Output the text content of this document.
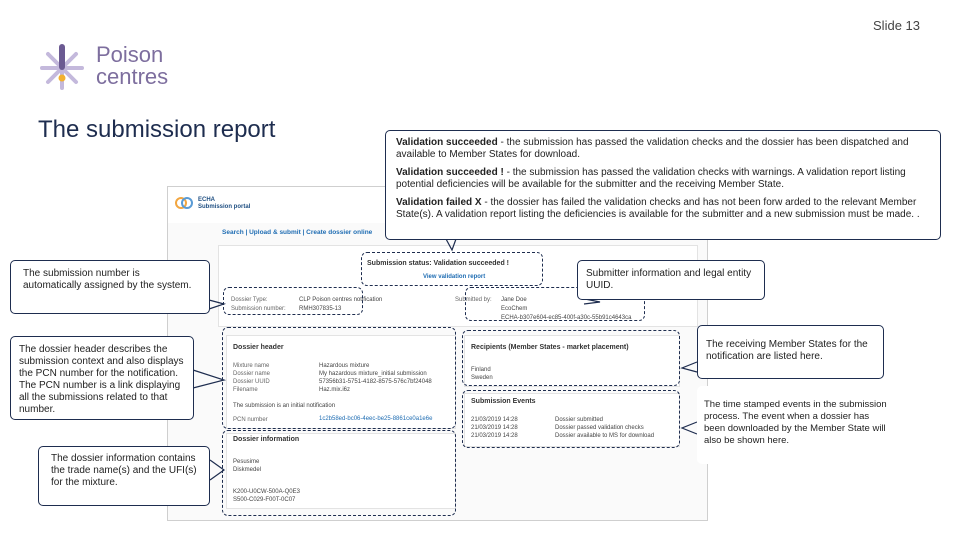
Slide 13
Poison
centres
The submission report
ECHA
Submission portal
Search | Upload & submit | Create dossier online
Submission status: Validation succeeded !
View validation report
Dossier Type:	CLP Poison centres notification
Submission number: RMH307835-13
Submitted by: Jane Doe
EcoChem
ECHA-b307e604-ec85-400f-a30c-55b91c4643ca
Dossier header
Mixture name	Hazardous mixture
Dossier name	My hazardous mixture_initial submission
Dossier UUID	57356b31-5751-4182-8575-576c7bf24048
Filename	Haz.mix.i6z
The submission is an initial notification
PCN number	1c2b58ed-bc06-4eec-be25-8861ce0a1e6e
Dossier information
Pesusime
Diskmedel
K200-U0CW-500A-Q0E3
S500-C029-F00T-0C07
Recipients (Member States - market placement)
Finland
Sweden
Submission Events
21/03/2019 14:28	Dossier submitted
21/03/2019 14:28	Dossier passed validation checks
21/03/2019 14:28	Dossier available to MS for download

Validation succeeded - the submission has passed the validation checks and the dossier has been dispatched and available to Member States for download.

Validation succeeded ! - the submission has passed the validation checks with warnings. A validation report listing potential deficiencies will be available for the submitter and the receiving Member State.

Validation failed X - the dossier has failed the validation checks and has not been forw arded to the relevant Member State(s). A validation report listing the deficiencies is available for the submitter and a new submission must be made. .

The submission number is automatically assigned by the system.
The dossier header describes the submission context and also displays the PCN number for the notification. The PCN number is a link displaying all the submissions related to that number.
The dossier information contains the trade name(s) and the UFI(s) for the mixture.
Submitter information and legal entity UUID.
The receiving Member States for the notification are listed here.
The time stamped events in the submission process. The event when a dossier has been downloaded by the Member State will also be shown here.
